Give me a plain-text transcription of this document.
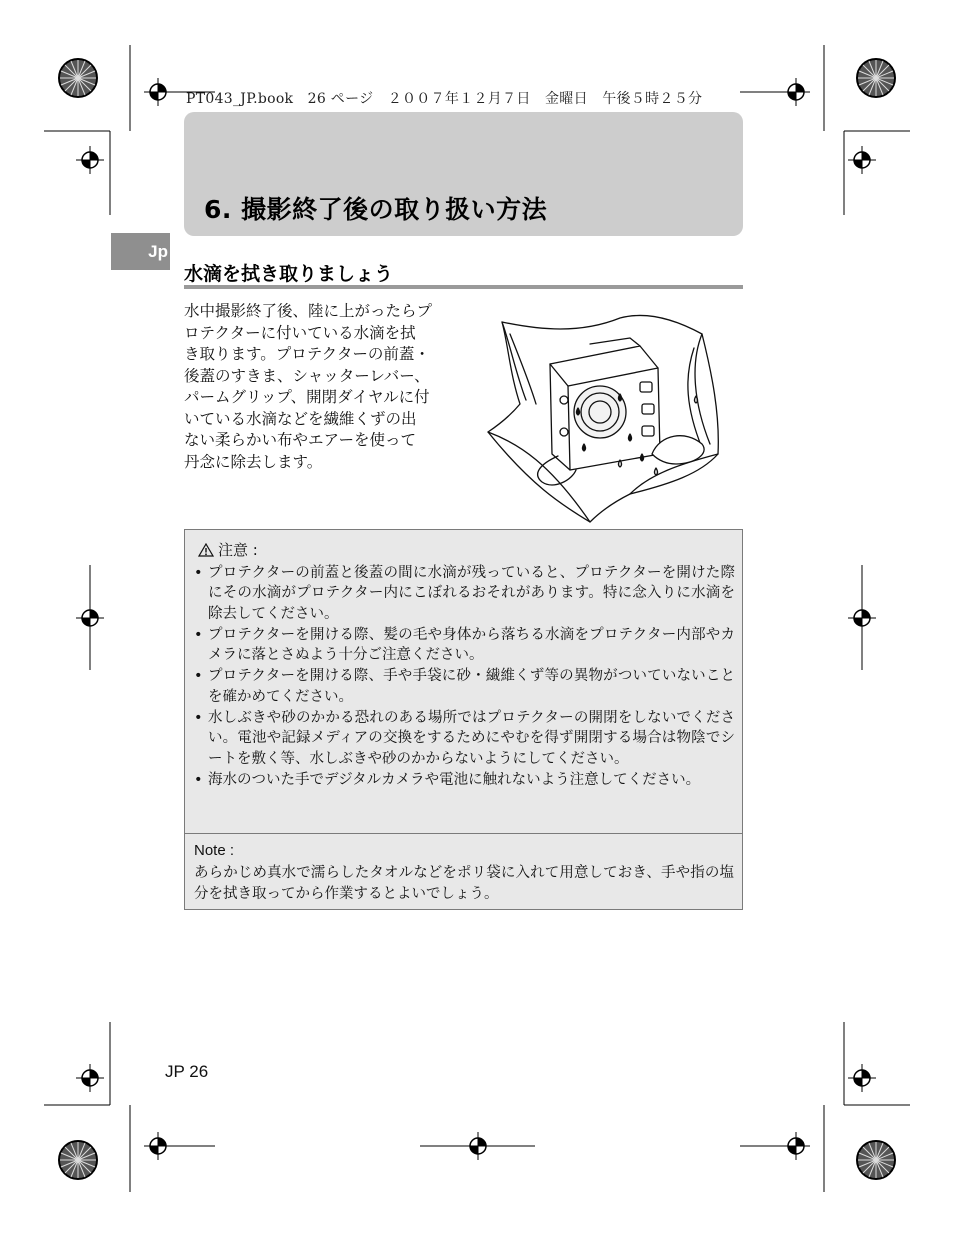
PT043_JP.book　26 ページ　２００７年１２月７日　金曜日　午後５時２５分
6. 撮影終了後の取り扱い方法
Jp
水滴を拭き取りましょう
水中撮影終了後、陸に上がったらプ
ロテクターに付いている水滴を拭
き取ります。プロテクターの前蓋・
後蓋のすきま、シャッターレバー、
パームグリップ、開閉ダイヤルに付
いている水滴などを繊維くずの出
ない柔らかい布やエアーを使って
丹念に除去します。
注意 :
• プロテクターの前蓋と後蓋の間に水滴が残っていると、プロテクターを開けた際にその水滴がプロテクター内にこぼれるおそれがあります。特に念入りに水滴を除去してください。
• プロテクターを開ける際、髪の毛や身体から落ちる水滴をプロテクター内部やカメラに落とさぬよう十分ご注意ください。
• プロテクターを開ける際、手や手袋に砂・繊維くず等の異物がついていないことを確かめてください。
• 水しぶきや砂のかかる恐れのある場所ではプロテクターの開閉をしないでください。電池や記録メディアの交換をするためにやむを得ず開閉する場合は物陰でシートを敷く等、水しぶきや砂のかからないようにしてください。
• 海水のついた手でデジタルカメラや電池に触れないよう注意してください。
Note :
あらかじめ真水で濡らしたタオルなどをポリ袋に入れて用意しておき、手や指の塩分を拭き取ってから作業するとよいでしょう。
JP 26
